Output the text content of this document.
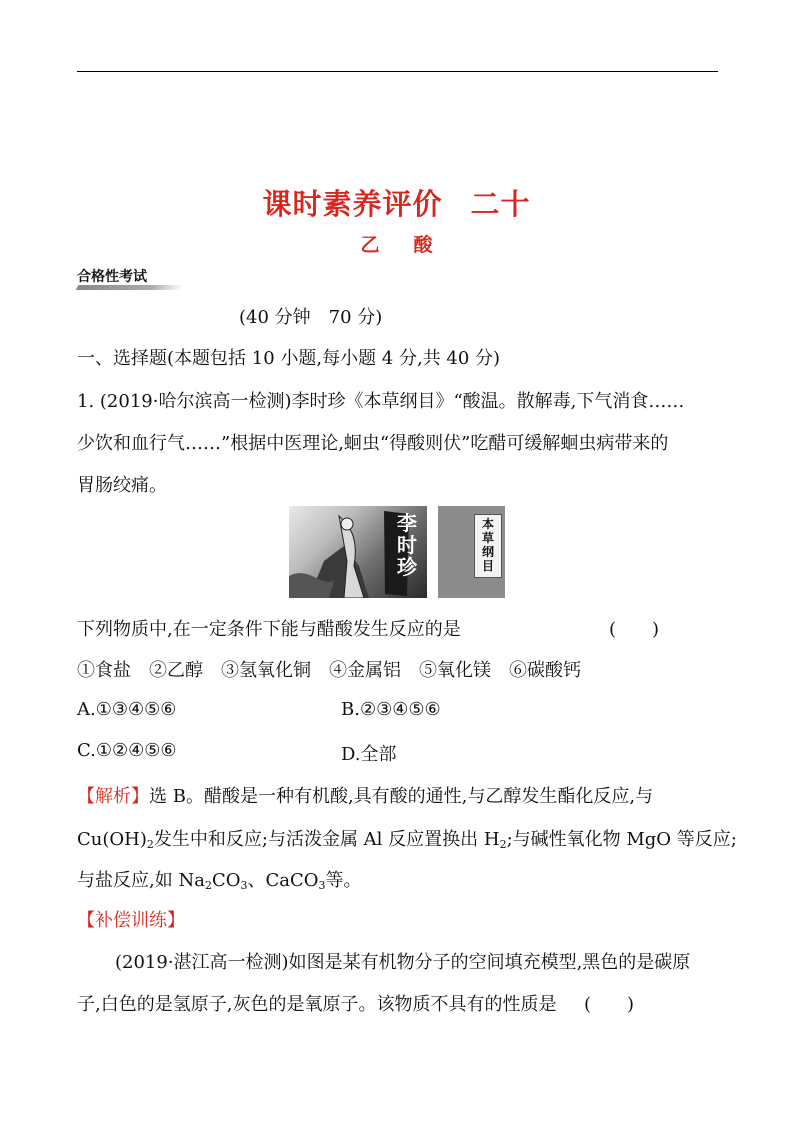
课时素养评价 二十
乙 酸
合格性考试
(40 分钟　70 分)
一、选择题(本题包括 10 小题,每小题 4 分,共 40 分)
1. (2019·哈尔滨高一检测)李时珍《本草纲目》“酸温。散解毒,下气消食……
少饮和血行气……”根据中医理论,蛔虫“得酸则伏”吃醋可缓解蛔虫病带来的
胃肠绞痛。
李时珍
本草纲目
下列物质中,在一定条件下能与醋酸发生反应的是	(　　)
①食盐　②乙醇　③氢氧化铜　④金属铝　⑤氧化镁　⑥碳酸钙
A.①③④⑤⑥	B.②③④⑤⑥
C.①②④⑤⑥	D.全部
【解析】选 B。醋酸是一种有机酸,具有酸的通性,与乙醇发生酯化反应,与
$Cu(OH)_2$发生中和反应;与活泼金属 Al 反应置换出 $H_2$;与碱性氧化物 MgO 等反应;
与盐反应,如 $Na_2CO_3$、CaCO$_3$等。
【补偿训练】
(2019·湛江高一检测)如图是某有机物分子的空间填充模型,黑色的是碳原
子,白色的是氢原子,灰色的是氧原子。该物质不具有的性质是 (　　)
